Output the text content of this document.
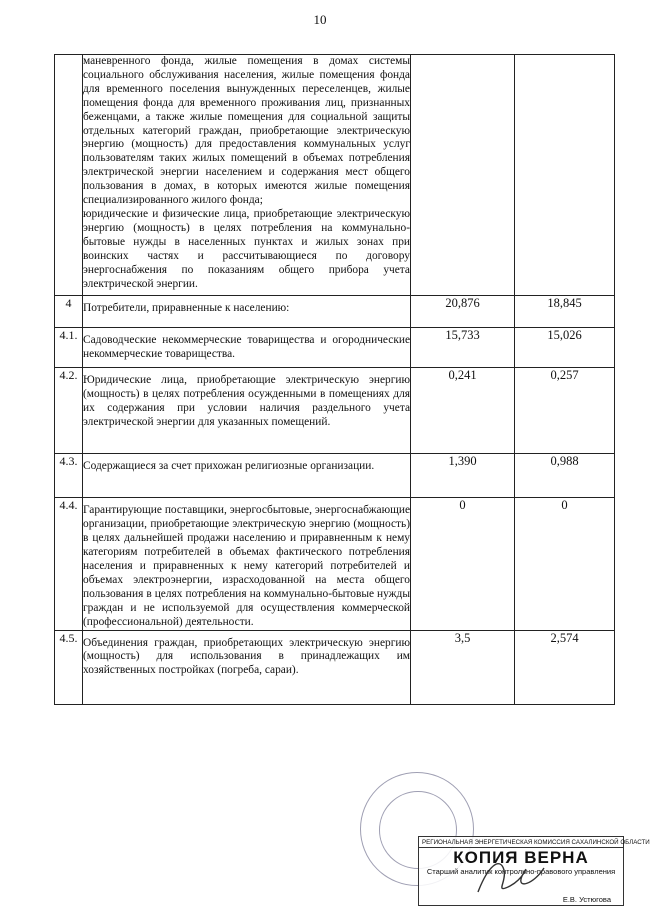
10

	маневренного фонда, жилые помещения в домах системы социального обслуживания населения, жилые помещения фонда для временного поселения вынужденных переселенцев, жилые помещения фонда для временного проживания лиц, признанных беженцами, а также жилые помещения для социальной защиты отдельных категорий граждан, приобретающие электрическую энергию (мощность) для предоставления коммунальных услуг пользователям таких жилых помещений в объемах потребления электрической энергии населением и содержания мест общего пользования в домах, в которых имеются жилые помещения специализированного жилого фонда;
юридические и физические лица, приобретающие электрическую энергию (мощность) в целях потребления на коммунально-бытовые нужды в населенных пунктах и жилых зонах при воинских частях и рассчитывающиеся по договору энергоснабжения по показаниям общего прибора учета электрической энергии.		

4	Потребители, приравненные к населению:	20,876	18,845
4.1.	Садоводческие некоммерческие товарищества и огороднические некоммерческие товарищества.	15,733	15,026
4.2.	Юридические лица, приобретающие электрическую энергию (мощность) в целях потребления осужденными в помещениях для их содержания при условии наличия раздельного учета электрической энергии для указанных помещений.	0,241	0,257
4.3.	Содержащиеся за счет прихожан религиозные организации.	1,390	0,988
4.4.	Гарантирующие поставщики, энергосбытовые, энергоснабжающие организации, приобретающие электрическую энергию (мощность) в целях дальнейшей продажи населению и приравненным к нему категориям потребителей в объемах фактического потребления населения и приравненных к нему категорий потребителей и объемах электроэнергии, израсходованной на места общего пользования в целях потребления на коммунально-бытовые нужды граждан и не используемой для осуществления коммерческой (профессиональной) деятельности.	0	0
4.5.	Объединения граждан, приобретающих электрическую энергию (мощность) для использования в принадлежащих им хозяйственных постройках (погреба, сараи).	3,5	2,574
РЕГИОНАЛЬНАЯ ЭНЕРГЕТИЧЕСКАЯ КОМИССИЯ САХАЛИНСКОЙ ОБЛАСТИ
КОПИЯ ВЕРНА
Старший аналитик контрольно-правового управления
Е.В. Устюгова
